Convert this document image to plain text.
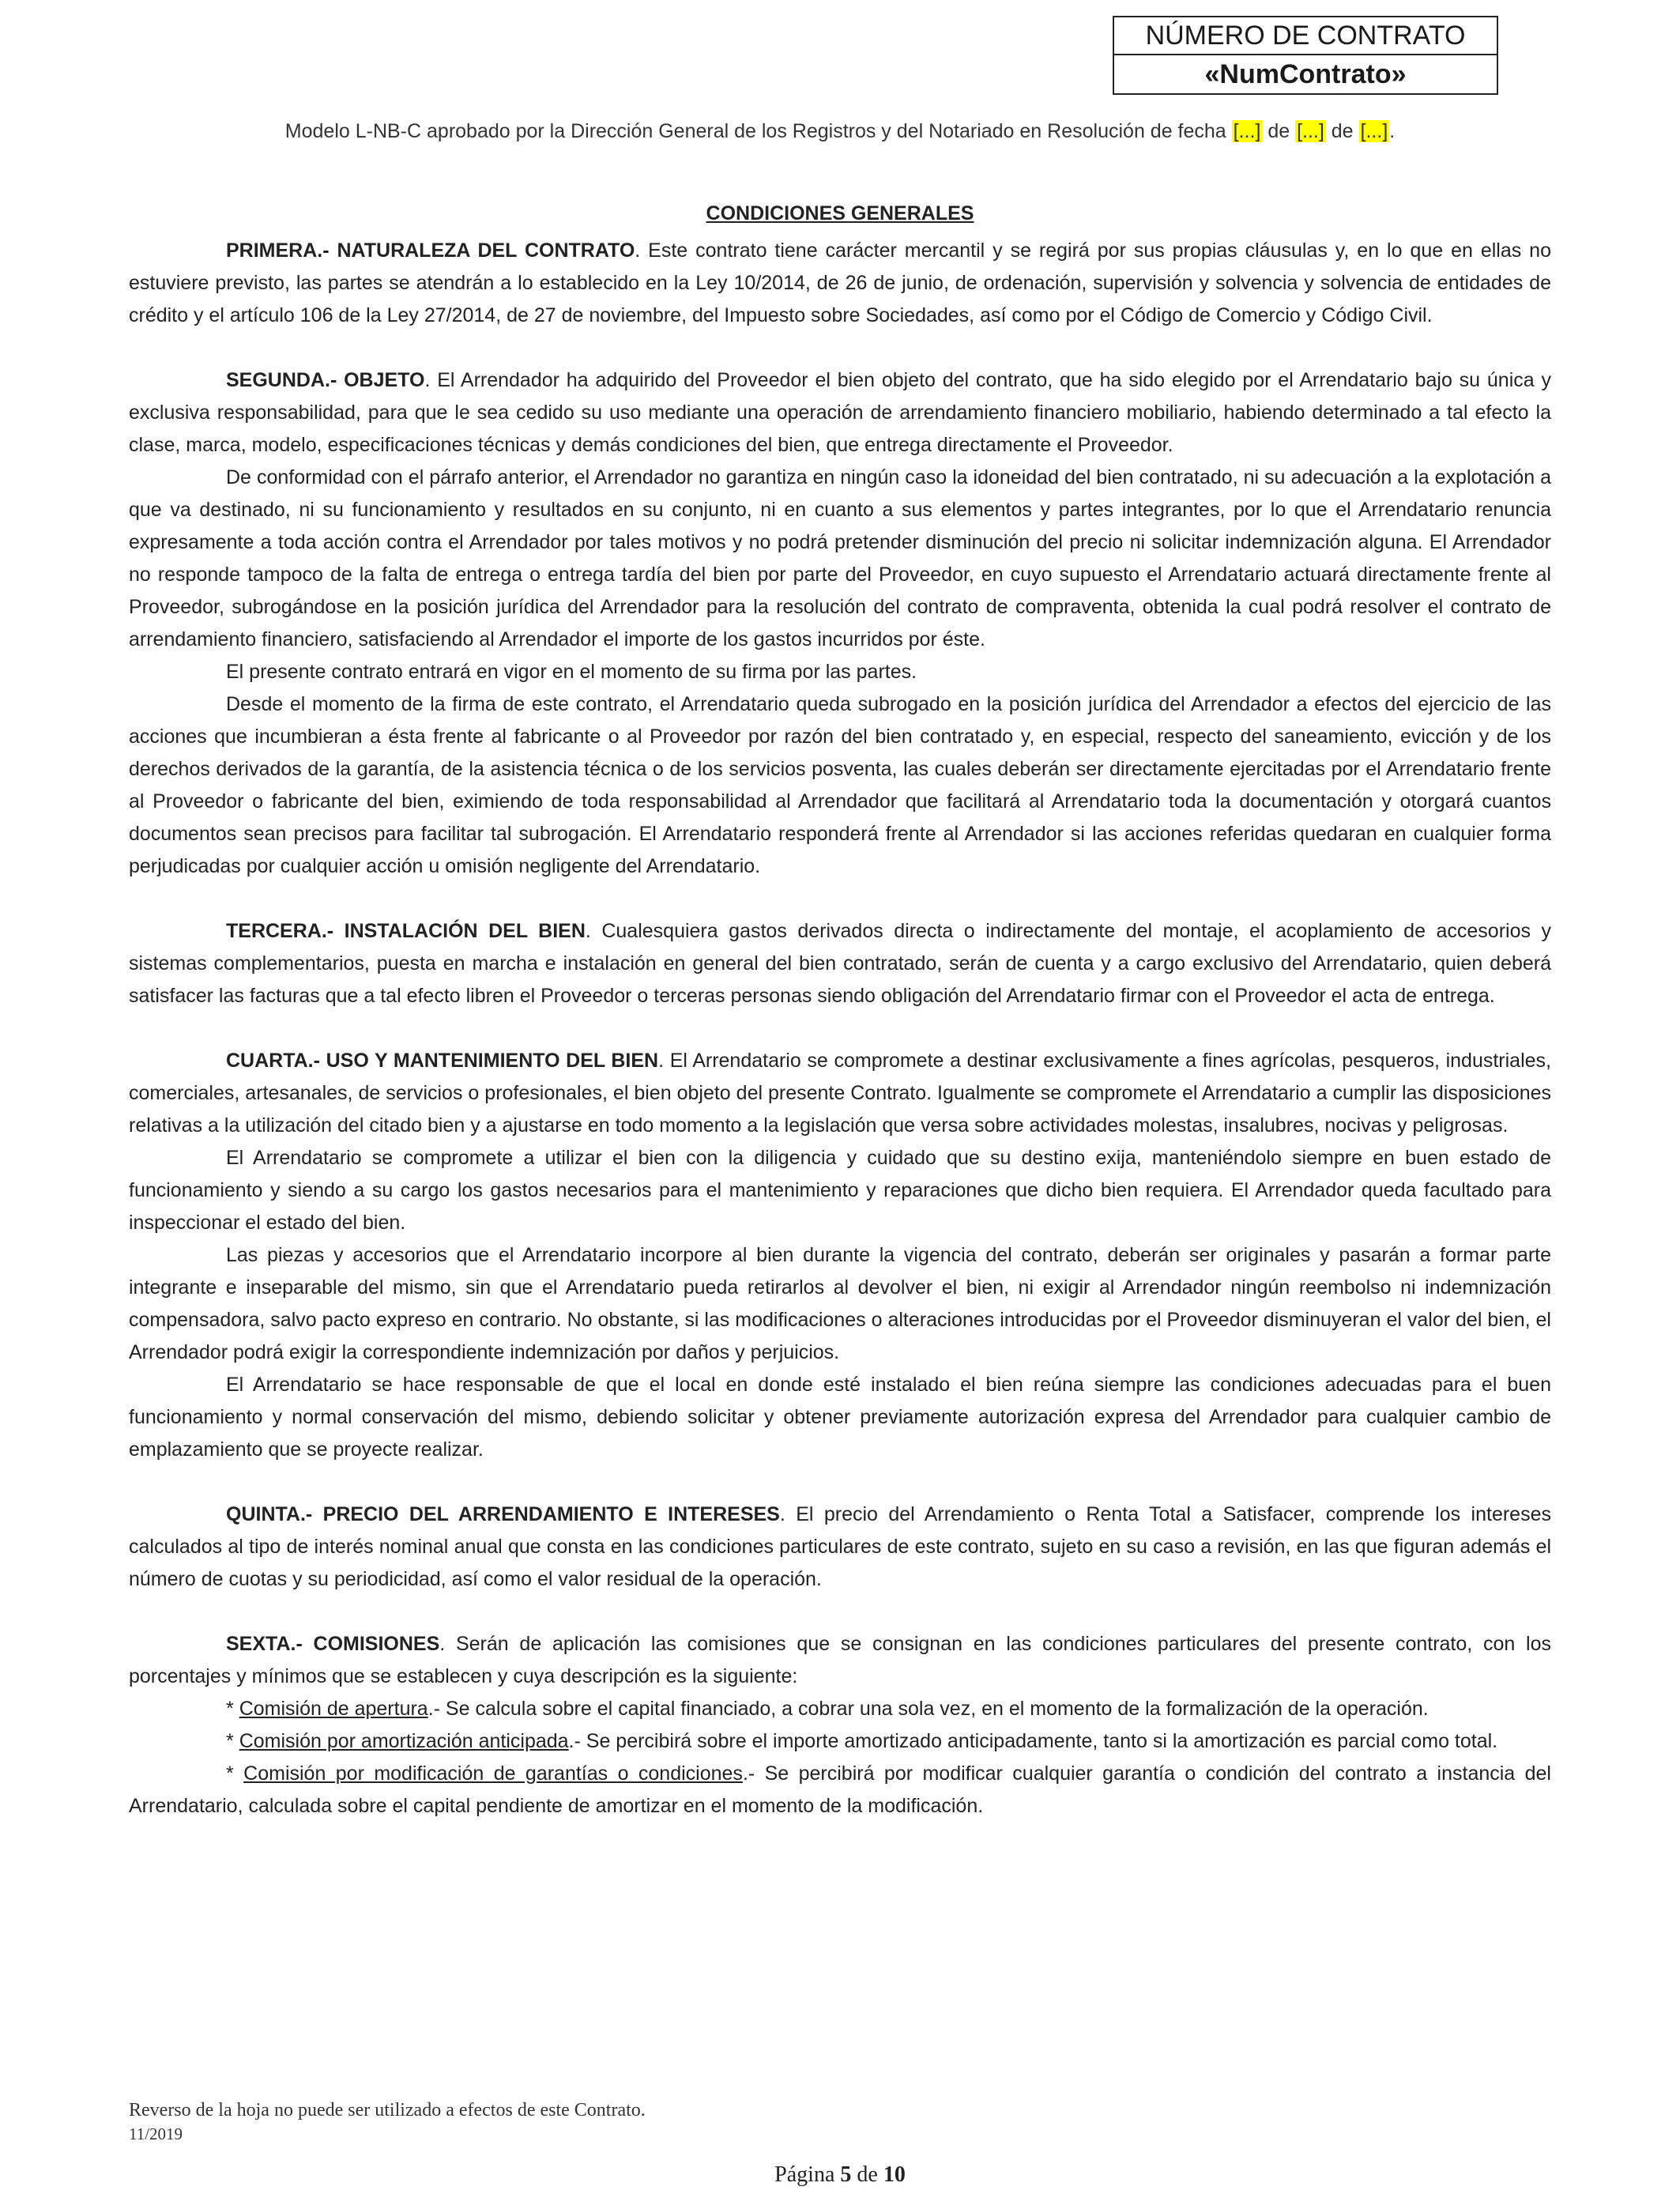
NÚMERO DE CONTRATO
«NumContrato»
Modelo L-NB-C aprobado por la Dirección General de los Registros y del Notariado en Resolución de fecha [...] de [...] de [...].

CONDICIONES GENERALES

PRIMERA.- NATURALEZA DEL CONTRATO. Este contrato tiene carácter mercantil y se regirá por sus propias cláusulas y, en lo que en ellas no estuviere previsto, las partes se atendrán a lo establecido en la Ley 10/2014, de 26 de junio, de ordenación, supervisión y solvencia y solvencia de entidades de crédito y el artículo 106 de la Ley 27/2014, de 27 de noviembre, del Impuesto sobre Sociedades, así como por el Código de Comercio y Código Civil.

SEGUNDA.- OBJETO. El Arrendador ha adquirido del Proveedor el bien objeto del contrato, que ha sido elegido por el Arrendatario bajo su única y exclusiva responsabilidad, para que le sea cedido su uso mediante una operación de arrendamiento financiero mobiliario, habiendo determinado a tal efecto la clase, marca, modelo, especificaciones técnicas y demás condiciones del bien, que entrega directamente el Proveedor.

De conformidad con el párrafo anterior, el Arrendador no garantiza en ningún caso la idoneidad del bien contratado, ni su adecuación a la explotación a que va destinado, ni su funcionamiento y resultados en su conjunto, ni en cuanto a sus elementos y partes integrantes, por lo que el Arrendatario renuncia expresamente a toda acción contra el Arrendador por tales motivos y no podrá pretender disminución del precio ni solicitar indemnización alguna. El Arrendador no responde tampoco de la falta de entrega o entrega tardía del bien por parte del Proveedor, en cuyo supuesto el Arrendatario actuará directamente frente al Proveedor, subrogándose en la posición jurídica del Arrendador para la resolución del contrato de compraventa, obtenida la cual podrá resolver el contrato de arrendamiento financiero, satisfaciendo al Arrendador el importe de los gastos incurridos por éste.

El presente contrato entrará en vigor en el momento de su firma por las partes.

Desde el momento de la firma de este contrato, el Arrendatario queda subrogado en la posición jurídica del Arrendador a efectos del ejercicio de las acciones que incumbieran a ésta frente al fabricante o al Proveedor por razón del bien contratado y, en especial, respecto del saneamiento, evicción y de los derechos derivados de la garantía, de la asistencia técnica o de los servicios posventa, las cuales deberán ser directamente ejercitadas por el Arrendatario frente al Proveedor o fabricante del bien, eximiendo de toda responsabilidad al Arrendador que facilitará al Arrendatario toda la documentación y otorgará cuantos documentos sean precisos para facilitar tal subrogación. El Arrendatario responderá frente al Arrendador si las acciones referidas quedaran en cualquier forma perjudicadas por cualquier acción u omisión negligente del Arrendatario.

TERCERA.- INSTALACIÓN DEL BIEN. Cualesquiera gastos derivados directa o indirectamente del montaje, el acoplamiento de accesorios y sistemas complementarios, puesta en marcha e instalación en general del bien contratado, serán de cuenta y a cargo exclusivo del Arrendatario, quien deberá satisfacer las facturas que a tal efecto libren el Proveedor o terceras personas siendo obligación del Arrendatario firmar con el Proveedor el acta de entrega.

CUARTA.- USO Y MANTENIMIENTO DEL BIEN. El Arrendatario se compromete a destinar exclusivamente a fines agrícolas, pesqueros, industriales, comerciales, artesanales, de servicios o profesionales, el bien objeto del presente Contrato. Igualmente se compromete el Arrendatario a cumplir las disposiciones relativas a la utilización del citado bien y a ajustarse en todo momento a la legislación que versa sobre actividades molestas, insalubres, nocivas y peligrosas.

El Arrendatario se compromete a utilizar el bien con la diligencia y cuidado que su destino exija, manteniéndolo siempre en buen estado de funcionamiento y siendo a su cargo los gastos necesarios para el mantenimiento y reparaciones que dicho bien requiera. El Arrendador queda facultado para inspeccionar el estado del bien.

Las piezas y accesorios que el Arrendatario incorpore al bien durante la vigencia del contrato, deberán ser originales y pasarán a formar parte integrante e inseparable del mismo, sin que el Arrendatario pueda retirarlos al devolver el bien, ni exigir al Arrendador ningún reembolso ni indemnización compensadora, salvo pacto expreso en contrario. No obstante, si las modificaciones o alteraciones introducidas por el Proveedor disminuyeran el valor del bien, el Arrendador podrá exigir la correspondiente indemnización por daños y perjuicios.

El Arrendatario se hace responsable de que el local en donde esté instalado el bien reúna siempre las condiciones adecuadas para el buen funcionamiento y normal conservación del mismo, debiendo solicitar y obtener previamente autorización expresa del Arrendador para cualquier cambio de emplazamiento que se proyecte realizar.

QUINTA.- PRECIO DEL ARRENDAMIENTO E INTERESES. El precio del Arrendamiento o Renta Total a Satisfacer, comprende los intereses calculados al tipo de interés nominal anual que consta en las condiciones particulares de este contrato, sujeto en su caso a revisión, en las que figuran además el número de cuotas y su periodicidad, así como el valor residual de la operación.

SEXTA.- COMISIONES. Serán de aplicación las comisiones que se consignan en las condiciones particulares del presente contrato, con los porcentajes y mínimos que se establecen y cuya descripción es la siguiente:

* Comisión de apertura.- Se calcula sobre el capital financiado, a cobrar una sola vez, en el momento de la formalización de la operación.

* Comisión por amortización anticipada.- Se percibirá sobre el importe amortizado anticipadamente, tanto si la amortización es parcial como total.

* Comisión por modificación de garantías o condiciones.- Se percibirá por modificar cualquier garantía o condición del contrato a instancia del Arrendatario, calculada sobre el capital pendiente de amortizar en el momento de la modificación.

Reverso de la hoja no puede ser utilizado a efectos de este Contrato.
11/2019
Página 5 de 10
